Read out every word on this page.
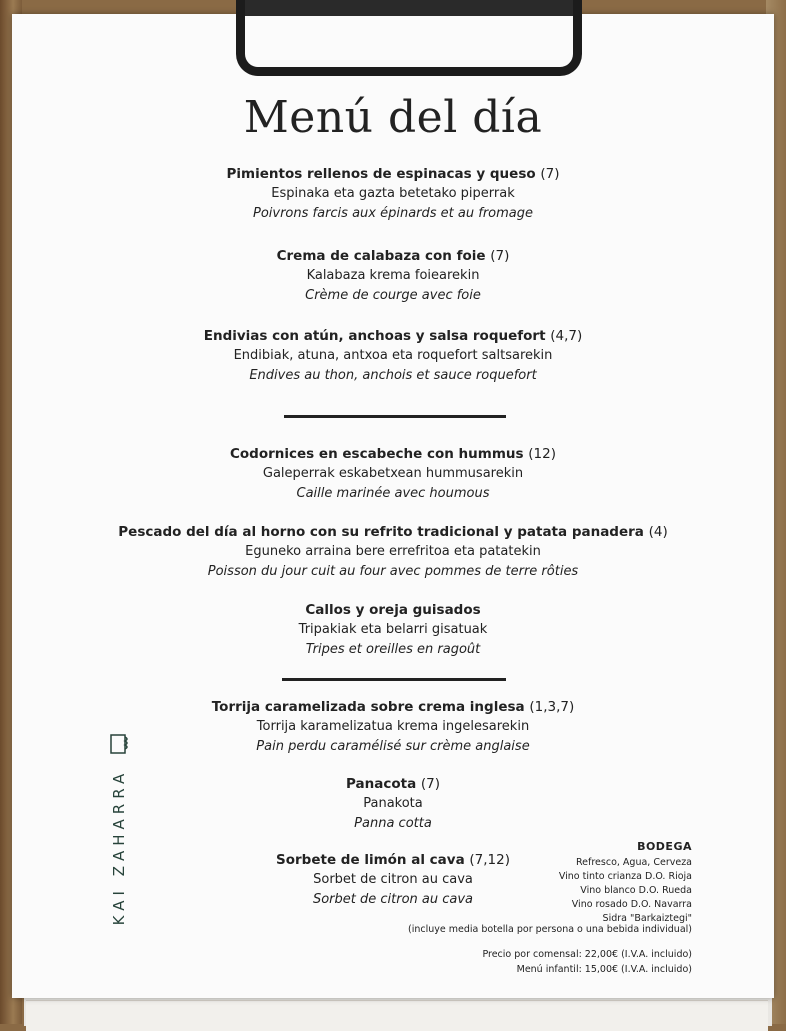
Menú del día
Pimientos rellenos de espinacas y queso (7)
Espinaka eta gazta betetako piperrak
Poivrons farcis aux épinards et au fromage
Crema de calabaza con foie (7)
Kalabaza krema foiearekin
Crème de courge avec foie
Endivias con atún, anchoas y salsa roquefort (4,7)
Endibiak, atuna, antxoa eta roquefort saltsarekin
Endives au thon, anchois et sauce roquefort
Codornices en escabeche con hummus (12)
Galeperrak eskabetxean hummusarekin
Caille marinée avec houmous
Pescado del día al horno con su refrito tradicional y patata panadera (4)
Eguneko arraina bere errefritoa eta patatekin
Poisson du jour cuit au four avec pommes de terre rôties
Callos y oreja guisados
Tripakiak eta belarri gisatuak
Tripes et oreilles en ragoût
Torrija caramelizada sobre crema inglesa (1,3,7)
Torrija karamelizatua krema ingelesarekin
Pain perdu caramélisé sur crème anglaise
Panacota (7)
Panakota
Panna cotta
Sorbete de limón al cava (7,12)
Sorbet de citron au cava
Sorbet de citron au cava
BODEGA
Refresco, Agua, Cerveza
Vino tinto crianza D.O. Rioja
Vino blanco D.O. Rueda
Vino rosado D.O. Navarra
Sidra "Barkaiztegi"
(incluye media botella por persona o una bebida individual)
Precio por comensal: 22,00€ (I.V.A. incluido)
Menú infantil: 15,00€ (I.V.A. incluido)
KAI ZAHARRA
